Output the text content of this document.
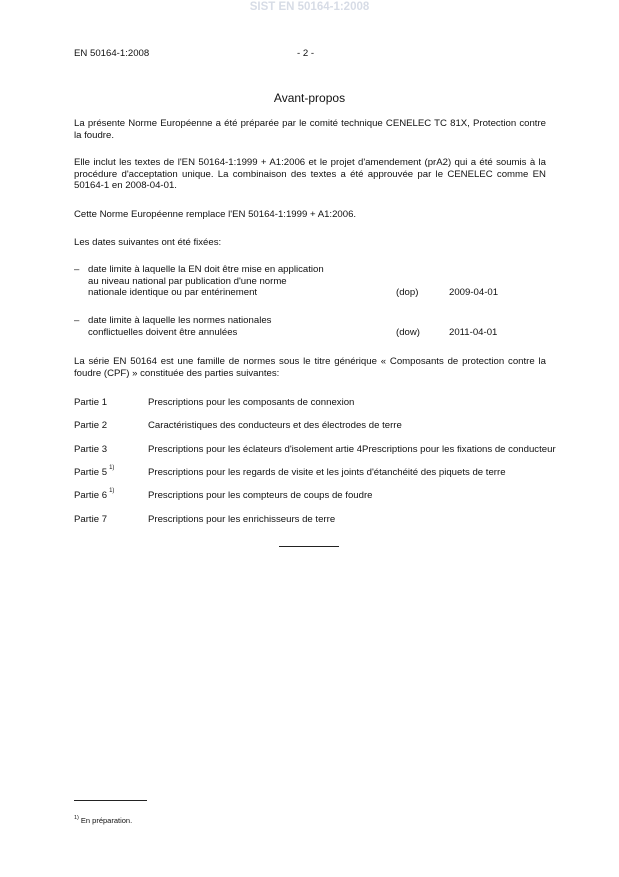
SIST EN 50164-1:2008
EN 50164-1:2008	- 2 -
Avant-propos

La présente Norme Européenne a été préparée par le comité technique CENELEC TC 81X, Protection contre la foudre.

Elle inclut les textes de l'EN 50164-1:1999 + A1:2006 et le projet d'amendement (prA2) qui a été soumis à la procédure d'acceptation unique. La combinaison des textes a été approuvée par le CENELEC comme EN 50164-1 en 2008-04-01.

Cette Norme Européenne remplace l'EN 50164-1:1999 + A1:2006.

Les dates suivantes ont été fixées:

– date limite à laquelle la EN doit être mise en application
au niveau national par publication d'une norme
nationale identique ou par entérinement	(dop)	2009-04-01
– date limite à laquelle les normes nationales
conflictuelles doivent être annulées	(dow)	2011-04-01

La série EN 50164 est une famille de normes sous le titre générique « Composants de protection contre la foudre (CPF) » constituée des parties suivantes:

Partie 1	Prescriptions pour les composants de connexion
Partie 2	Caractéristiques des conducteurs et des électrodes de terre
Partie 3	Prescriptions pour les éclateurs d'isolement artie 4Prescriptions pour les fixations de conducteur
Partie 5 $^{1)}$	Prescriptions pour les regards de visite et les joints d'étanchéité des piquets de terre
Partie 6 $^{1)}$	Prescriptions pour les compteurs de coups de foudre
Partie 7	Prescriptions pour les enrichisseurs de terre
$^{1)}$ En préparation.
